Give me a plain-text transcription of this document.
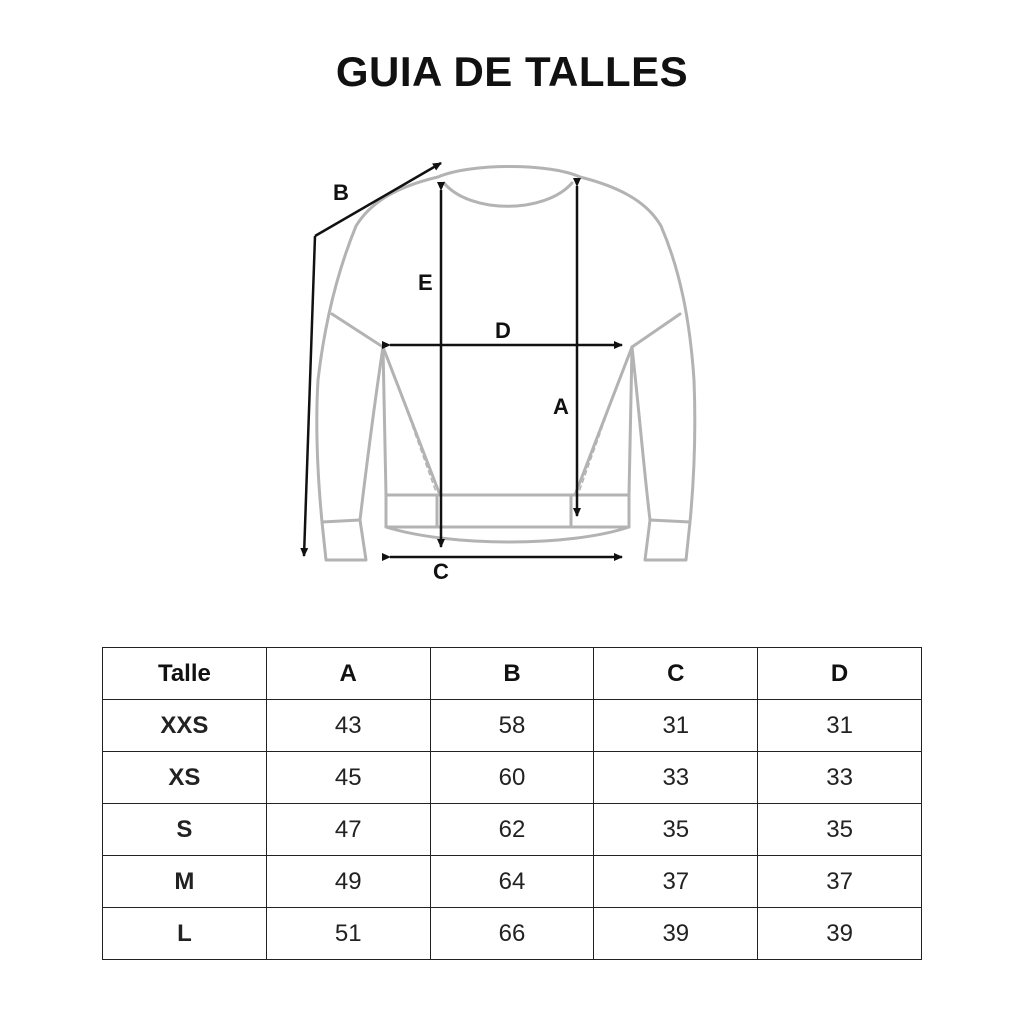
GUIA DE TALLES
B
E
D
A
C
Talle	A	B	C	D
XXS	43	58	31	31
XS	45	60	33	33
S	47	62	35	35
M	49	64	37	37
L	51	66	39	39
